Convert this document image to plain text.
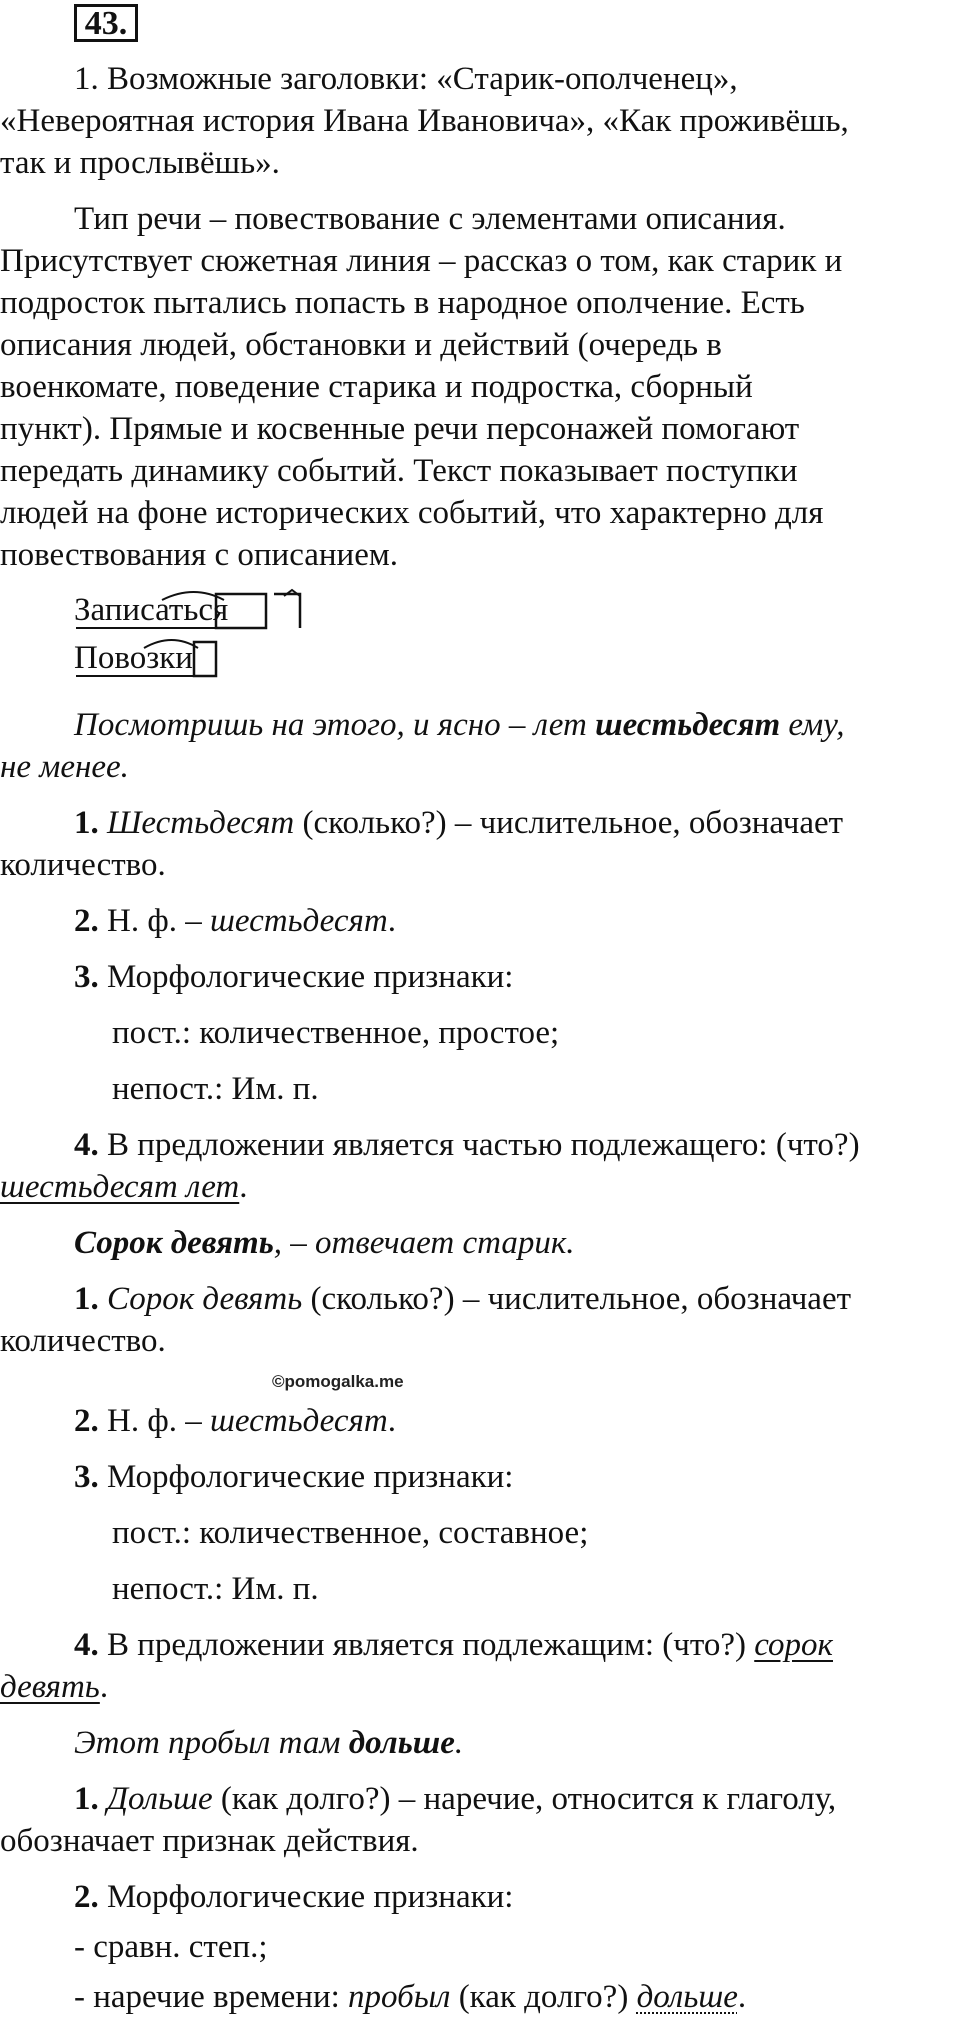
43.
1. Возможные заголовки: «Старик-ополченец»,
«Невероятная история Ивана Ивановича», «Как проживёшь,
так и прослывёшь».
Тип речи – повествование с элементами описания.
Присутствует сюжетная линия – рассказ о том, как старик и
подросток пытались попасть в народное ополчение. Есть
описания людей, обстановки и действий (очередь в
военкомате, поведение старика и подростка, сборный
пункт). Прямые и косвенные речи персонажей помогают
передать динамику событий. Текст показывает поступки
людей на фоне исторических событий, что характерно для
повествования с описанием.
Записаться
Повозки
Посмотришь на этого, и ясно – лет шестьдесят ему,
не менее.
1. Шестьдесят (сколько?) – числительное, обозначает
количество.
2. Н. ф. – шестьдесят.
3. Морфологические признаки:
пост.: количественное, простое;
непост.: Им. п.
4. В предложении является частью подлежащего: (что?)
шестьдесят лет.
Сорок девять, – отвечает старик.
1. Сорок девять (сколько?) – числительное, обозначает
количество.
©pomogalka.me
2. Н. ф. – шестьдесят.
3. Морфологические признаки:
пост.: количественное, составное;
непост.: Им. п.
4. В предложении является подлежащим: (что?) сорок
девять.
Этот пробыл там дольше.
1. Дольше (как долго?) – наречие, относится к глаголу,
обозначает признак действия.
2. Морфологические признаки:
- сравн. степ.;
- наречие времени: пробыл (как долго?) дольше.
